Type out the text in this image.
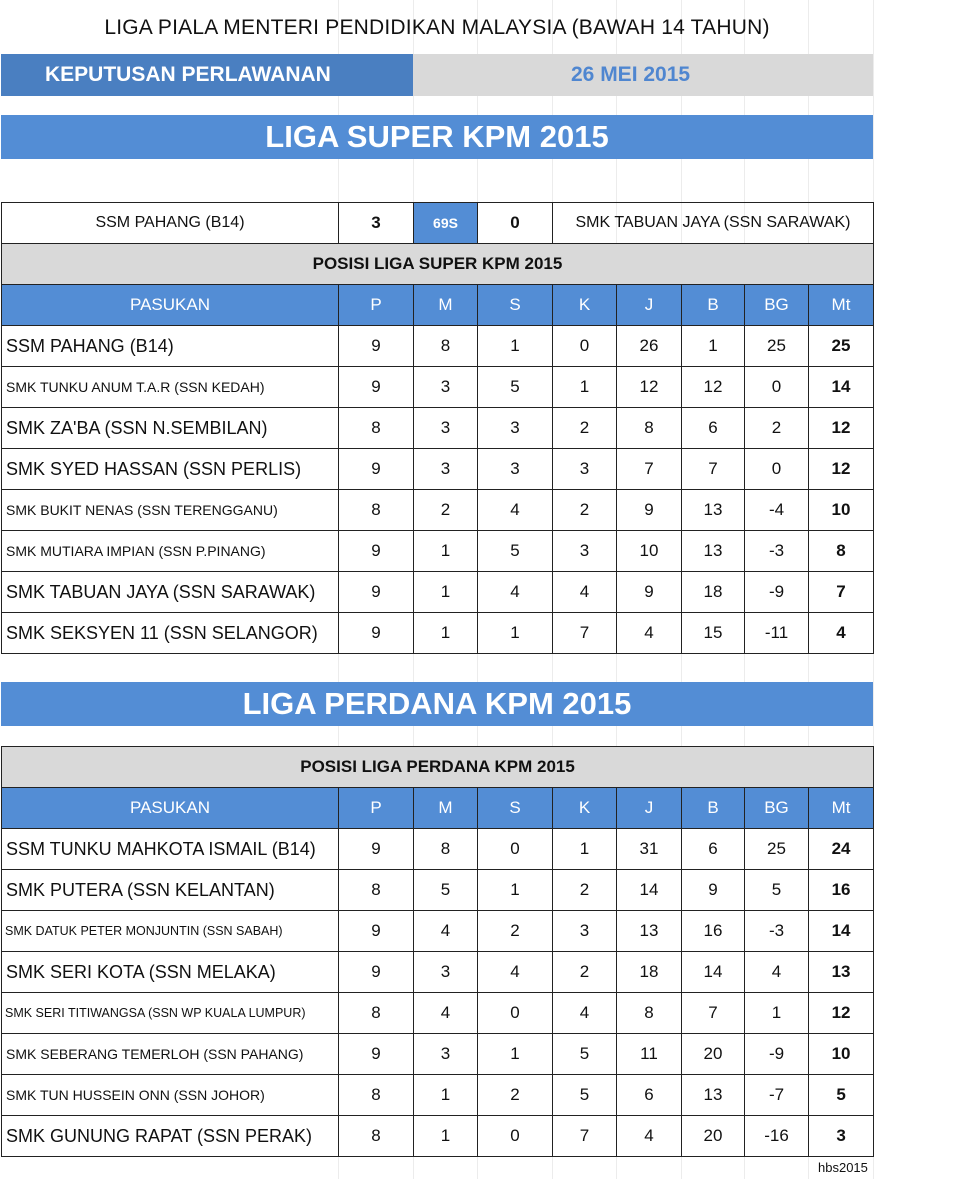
LIGA PIALA MENTERI PENDIDIKAN MALAYSIA (BAWAH 14 TAHUN)
KEPUTUSAN PERLAWANAN	26 MEI 2015
LIGA SUPER KPM 2015
SSM PAHANG (B14)	3	69S	0	SMK TABUAN JAYA (SSN SARAWAK)				
POSISI LIGA SUPER KPM 2015								
PASUKAN	P	M	S	K	J	B	BG	Mt
SSM PAHANG (B14)	9	8	1	0	26	1	25	25
SMK TUNKU ANUM T.A.R (SSN KEDAH)	9	3	5	1	12	12	0	14
SMK ZA'BA (SSN N.SEMBILAN)	8	3	3	2	8	6	2	12
SMK SYED HASSAN (SSN PERLIS)	9	3	3	3	7	7	0	12
SMK BUKIT NENAS (SSN TERENGGANU)	8	2	4	2	9	13	-4	10
SMK MUTIARA IMPIAN (SSN P.PINANG)	9	1	5	3	10	13	-3	8
SMK TABUAN JAYA (SSN SARAWAK)	9	1	4	4	9	18	-9	7
SMK SEKSYEN 11 (SSN SELANGOR)	9	1	1	7	4	15	-11	4
LIGA PERDANA KPM 2015
POSISI LIGA PERDANA KPM 2015								
PASUKAN	P	M	S	K	J	B	BG	Mt
SSM TUNKU MAHKOTA ISMAIL (B14)	9	8	0	1	31	6	25	24
SMK PUTERA (SSN KELANTAN)	8	5	1	2	14	9	5	16
SMK DATUK PETER MONJUNTIN (SSN SABAH)	9	4	2	3	13	16	-3	14
SMK SERI KOTA (SSN MELAKA)	9	3	4	2	18	14	4	13
SMK SERI TITIWANGSA (SSN WP KUALA LUMPUR)	8	4	0	4	8	7	1	12
SMK SEBERANG TEMERLOH (SSN PAHANG)	9	3	1	5	11	20	-9	10
SMK TUN HUSSEIN ONN (SSN JOHOR)	8	1	2	5	6	13	-7	5
SMK GUNUNG RAPAT (SSN PERAK)	8	1	0	7	4	20	-16	3
hbs2015
